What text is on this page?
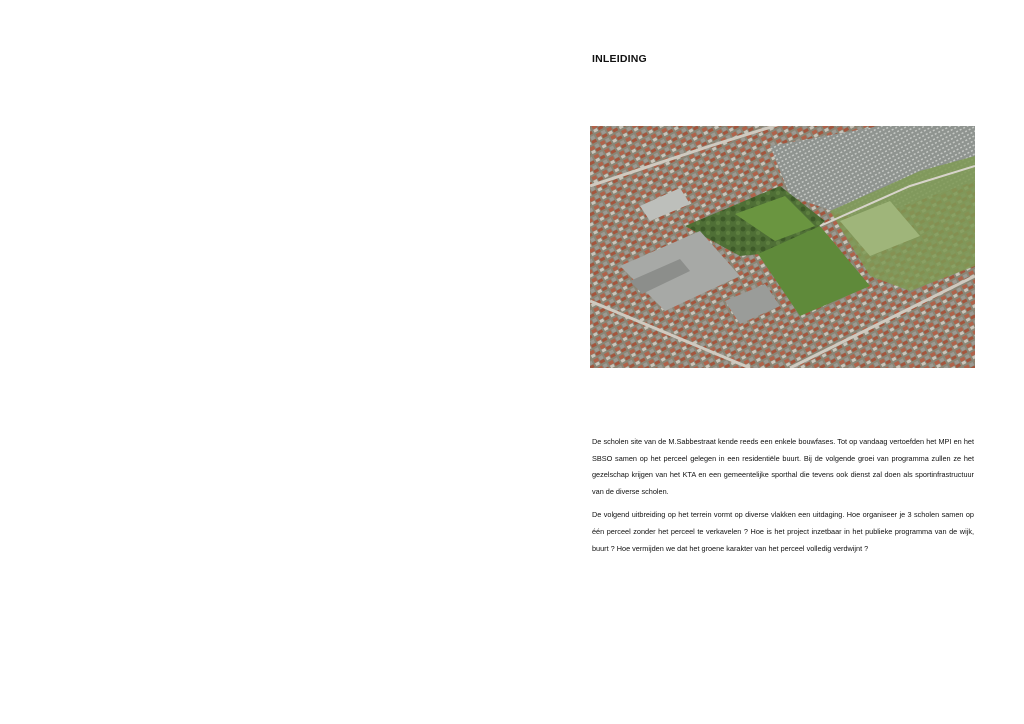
INLEIDING

De scholen site van de M.Sabbestraat kende reeds een enkele bouwfases. Tot op vandaag vertoefden het MPI en het SBSO samen op het perceel gelegen in een residentiële buurt. Bij de volgende groei van programma zullen ze het gezelschap krijgen van het KTA en een gemeentelijke sporthal die tevens ook dienst zal doen als sportinfrastructuur van de diverse scholen.

De volgend uitbreiding op het terrein vormt op diverse vlakken een uitdaging. Hoe organiseer je 3 scholen samen op één perceel zonder het perceel te verkavelen ? Hoe is het project inzetbaar in het publieke programma van de wijk, buurt ? Hoe vermijden we dat het groene karakter van het perceel volledig verdwijnt ?
